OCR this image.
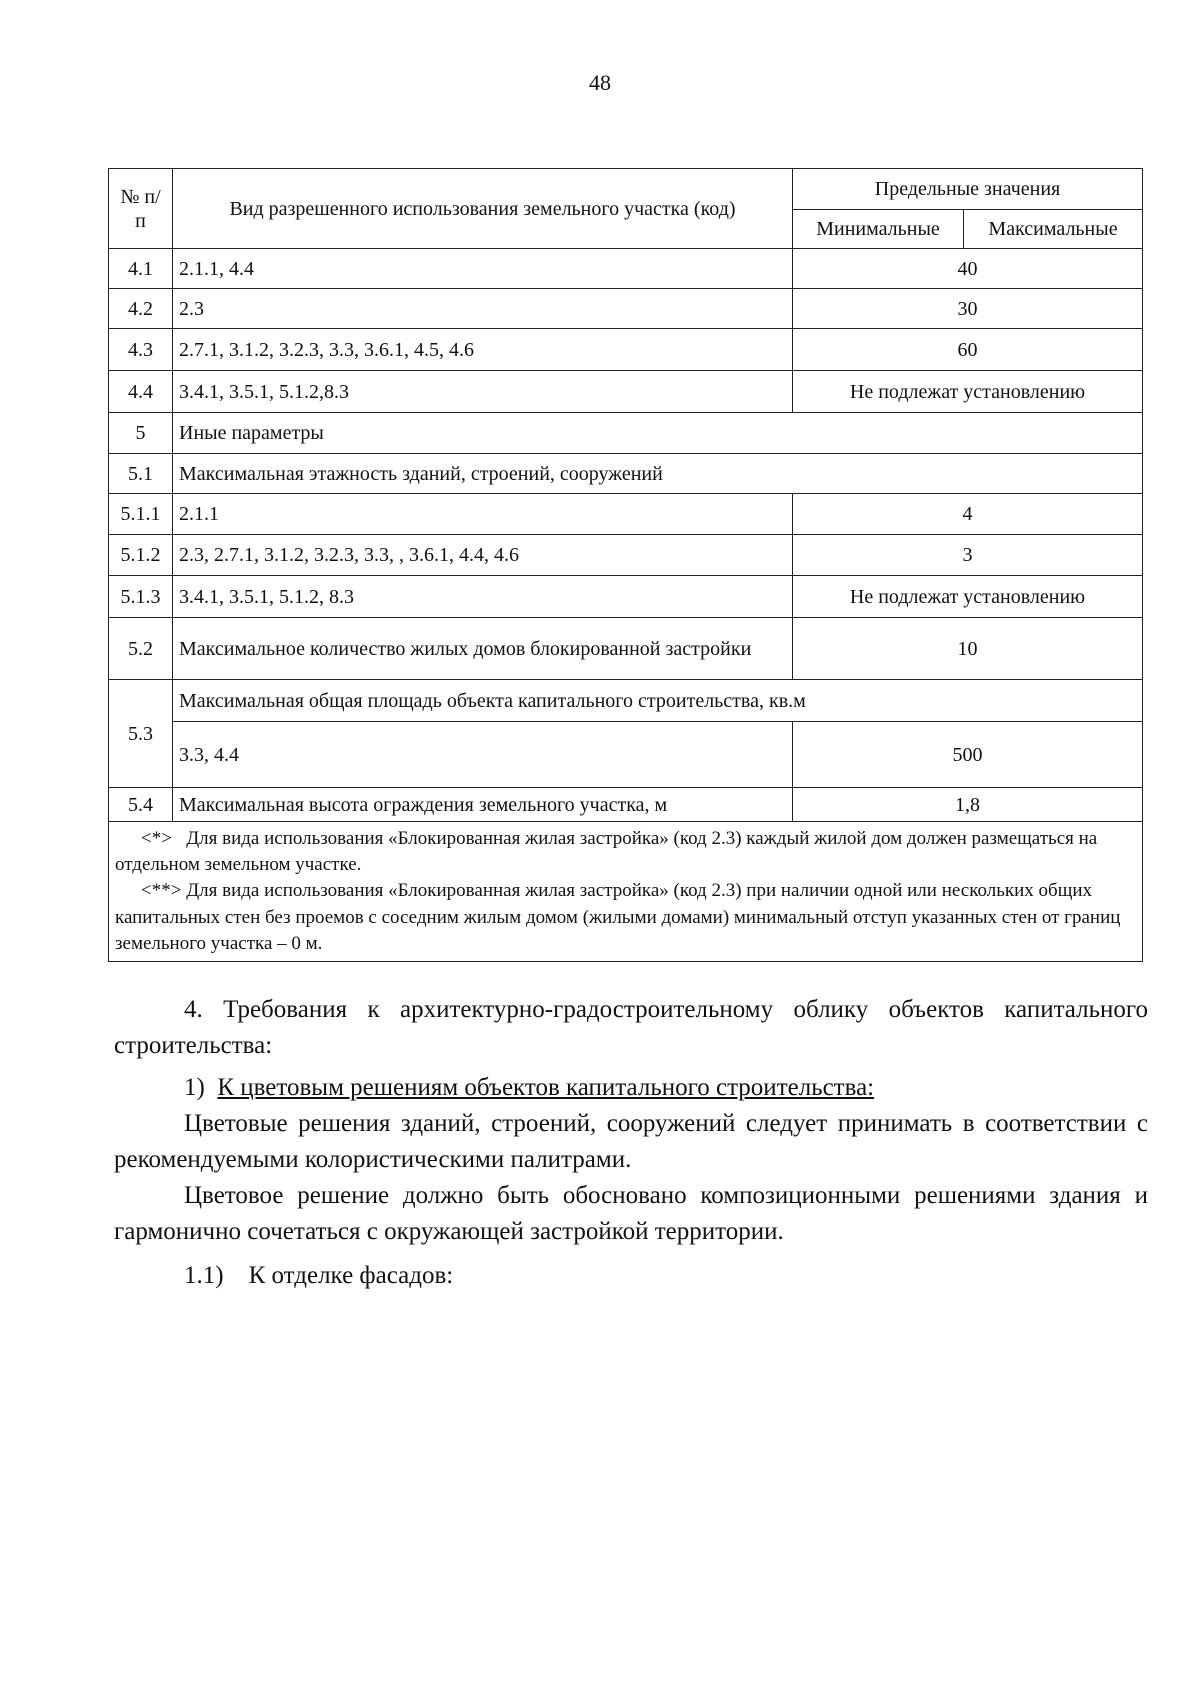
48
№ п/п	Вид разрешенного использования земельного участка (код)	Предельные значения	
		Минимальные	Максимальные
4.1	2.1.1, 4.4	40	
4.2	2.3	30	
4.3	2.7.1, 3.1.2, 3.2.3, 3.3, 3.6.1, 4.5, 4.6	60	
4.4	3.4.1, 3.5.1, 5.1.2,8.3	Не подлежат установлению	
5	Иные параметры		
5.1	Максимальная этажность зданий, строений, сооружений		
5.1.1	2.1.1	4	
5.1.2	2.3, 2.7.1, 3.1.2, 3.2.3, 3.3, , 3.6.1, 4.4, 4.6	3	
5.1.3	3.4.1, 3.5.1, 5.1.2, 8.3	Не подлежат установлению	
5.2	Максимальное количество жилых домов блокированной застройки	10	
5.3	Максимальная общая площадь объекта капитального строительства, кв.м		
	3.3, 4.4	500	
5.4	Максимальная высота ограждения земельного участка, м	1,8	

<*> Для вида использования «Блокированная жилая застройка» (код 2.3) каждый жилой дом должен размещаться на отдельном земельном участке.
<**> Для вида использования «Блокированная жилая застройка» (код 2.3) при наличии одной или нескольких общих капитальных стен без проемов с соседним жилым домом (жилыми домами) минимальный отступ указанных стен от границ земельного участка – 0 м.			

4. Требования к архитектурно-градостроительному облику объектов капитального строительства:

1) К цветовым решениям объектов капитального строительства:

Цветовые решения зданий, строений, сооружений следует принимать в соответствии с рекомендуемыми колористическими палитрами.

Цветовое решение должно быть обосновано композиционными решениями здания и гармонично сочетаться с окружающей застройкой территории.

1.1) К отделке фасадов:
